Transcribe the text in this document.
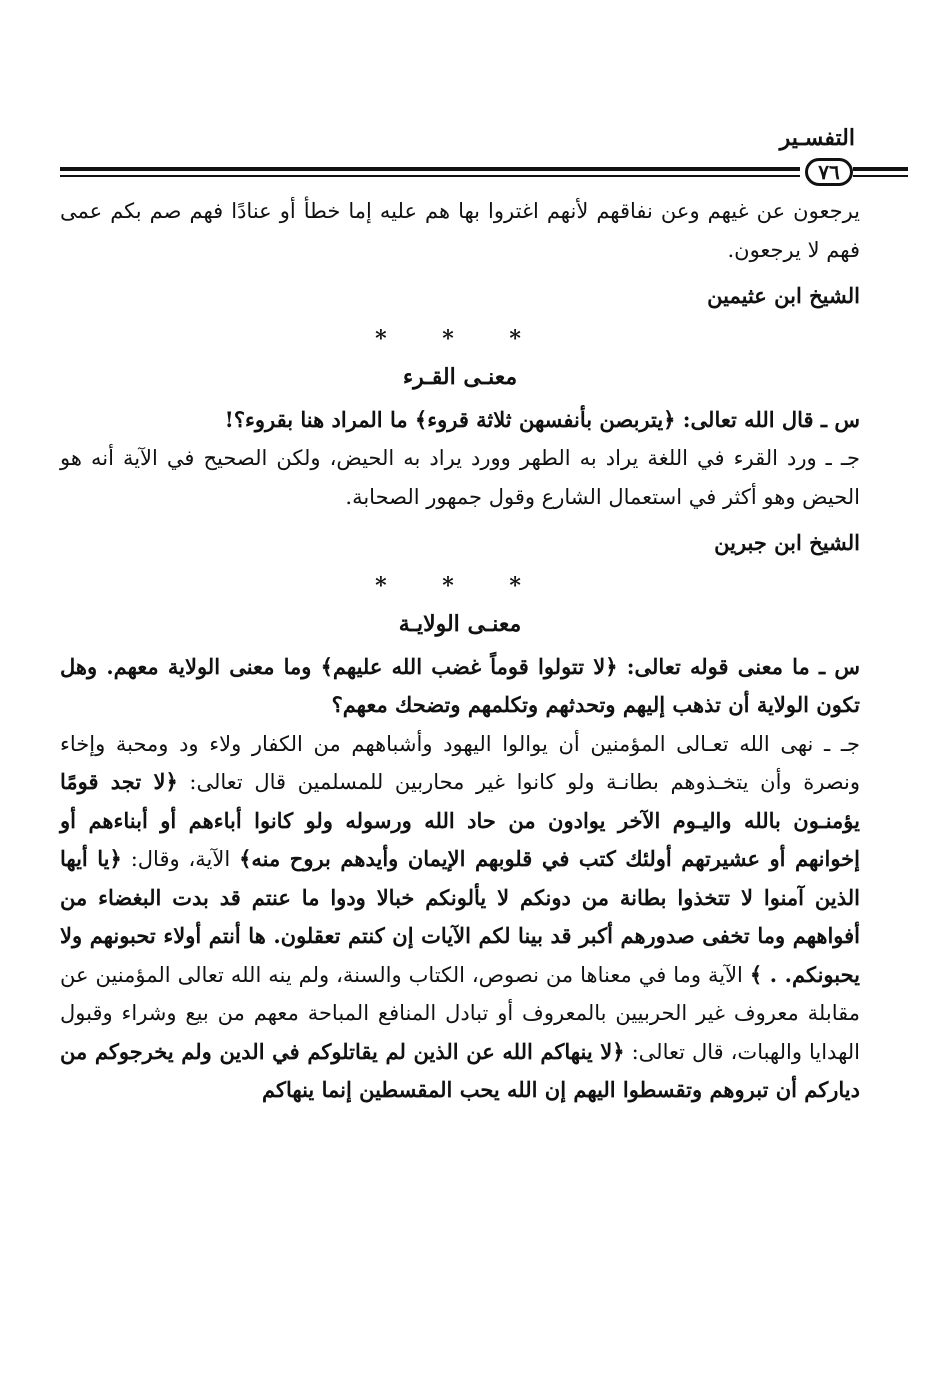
التفسـير
٧٦

يرجعون عن غيهم وعن نفاقهم لأنهم اغتروا بها هم عليه إما خطأ أو عنادًا فهم صم بكم عمى فهم لا يرجعون.

الشيخ ابن عثيمين

* * *

معنـى القـرء

س ـ قال الله تعالى: ﴿يتربصن بأنفسهن ثلاثة قروء﴾ ما المراد هنا بقروء؟!

جـ ـ ورد القرء في اللغة يراد به الطهر وورد يراد به الحيض، ولكن الصحيح في الآية أنه هو الحيض وهو أكثر في استعمال الشارع وقول جمهور الصحابة.

الشيخ ابن جبرين

* * *

معنـى الولايـة

س ـ ما معنى قوله تعالى: ﴿لا تتولوا قوماً غضب الله عليهم﴾ وما معنى الولاية معهم. وهل تكون الولاية أن تذهب إليهم وتحدثهم وتكلمهم وتضحك معهم؟

جـ ـ نهى الله تعـالى المؤمنين أن يوالوا اليهود وأشباههم من الكفار ولاء ود ومحبة وإخاء ونصرة وأن يتخـذوهم بطانـة ولو كانوا غير محاربين للمسلمين قال تعالى: ﴿لا تجد قومًا يؤمنـون بالله واليـوم الآخر يوادون من حاد الله ورسوله ولو كانوا أباءهم أو أبناءهم أو إخوانهم أو عشيرتهم أولئك كتب في قلوبهم الإيمان وأيدهم بروح منه﴾ الآية، وقال: ﴿يا أيها الذين آمنوا لا تتخذوا بطانة من دونكم لا يألونكم خبالا ودوا ما عنتم قد بدت البغضاء من أفواههم وما تخفى صدورهم أكبر قد بينا لكم الآيات إن كنتم تعقلون. ها أنتم أولاء تحبونهم ولا يحبونكم. . ﴾ الآية وما في معناها من نصوص، الكتاب والسنة، ولم ينه الله تعالى المؤمنين عن مقابلة معروف غير الحربيين بالمعروف أو تبادل المنافع المباحة معهم من بيع وشراء وقبول الهدايا والهبات، قال تعالى: ﴿لا ينهاكم الله عن الذين لم يقاتلوكم في الدين ولم يخرجوكم من دياركم أن تبروهم وتقسطوا اليهم إن الله يحب المقسطين إنما ينهاكم
